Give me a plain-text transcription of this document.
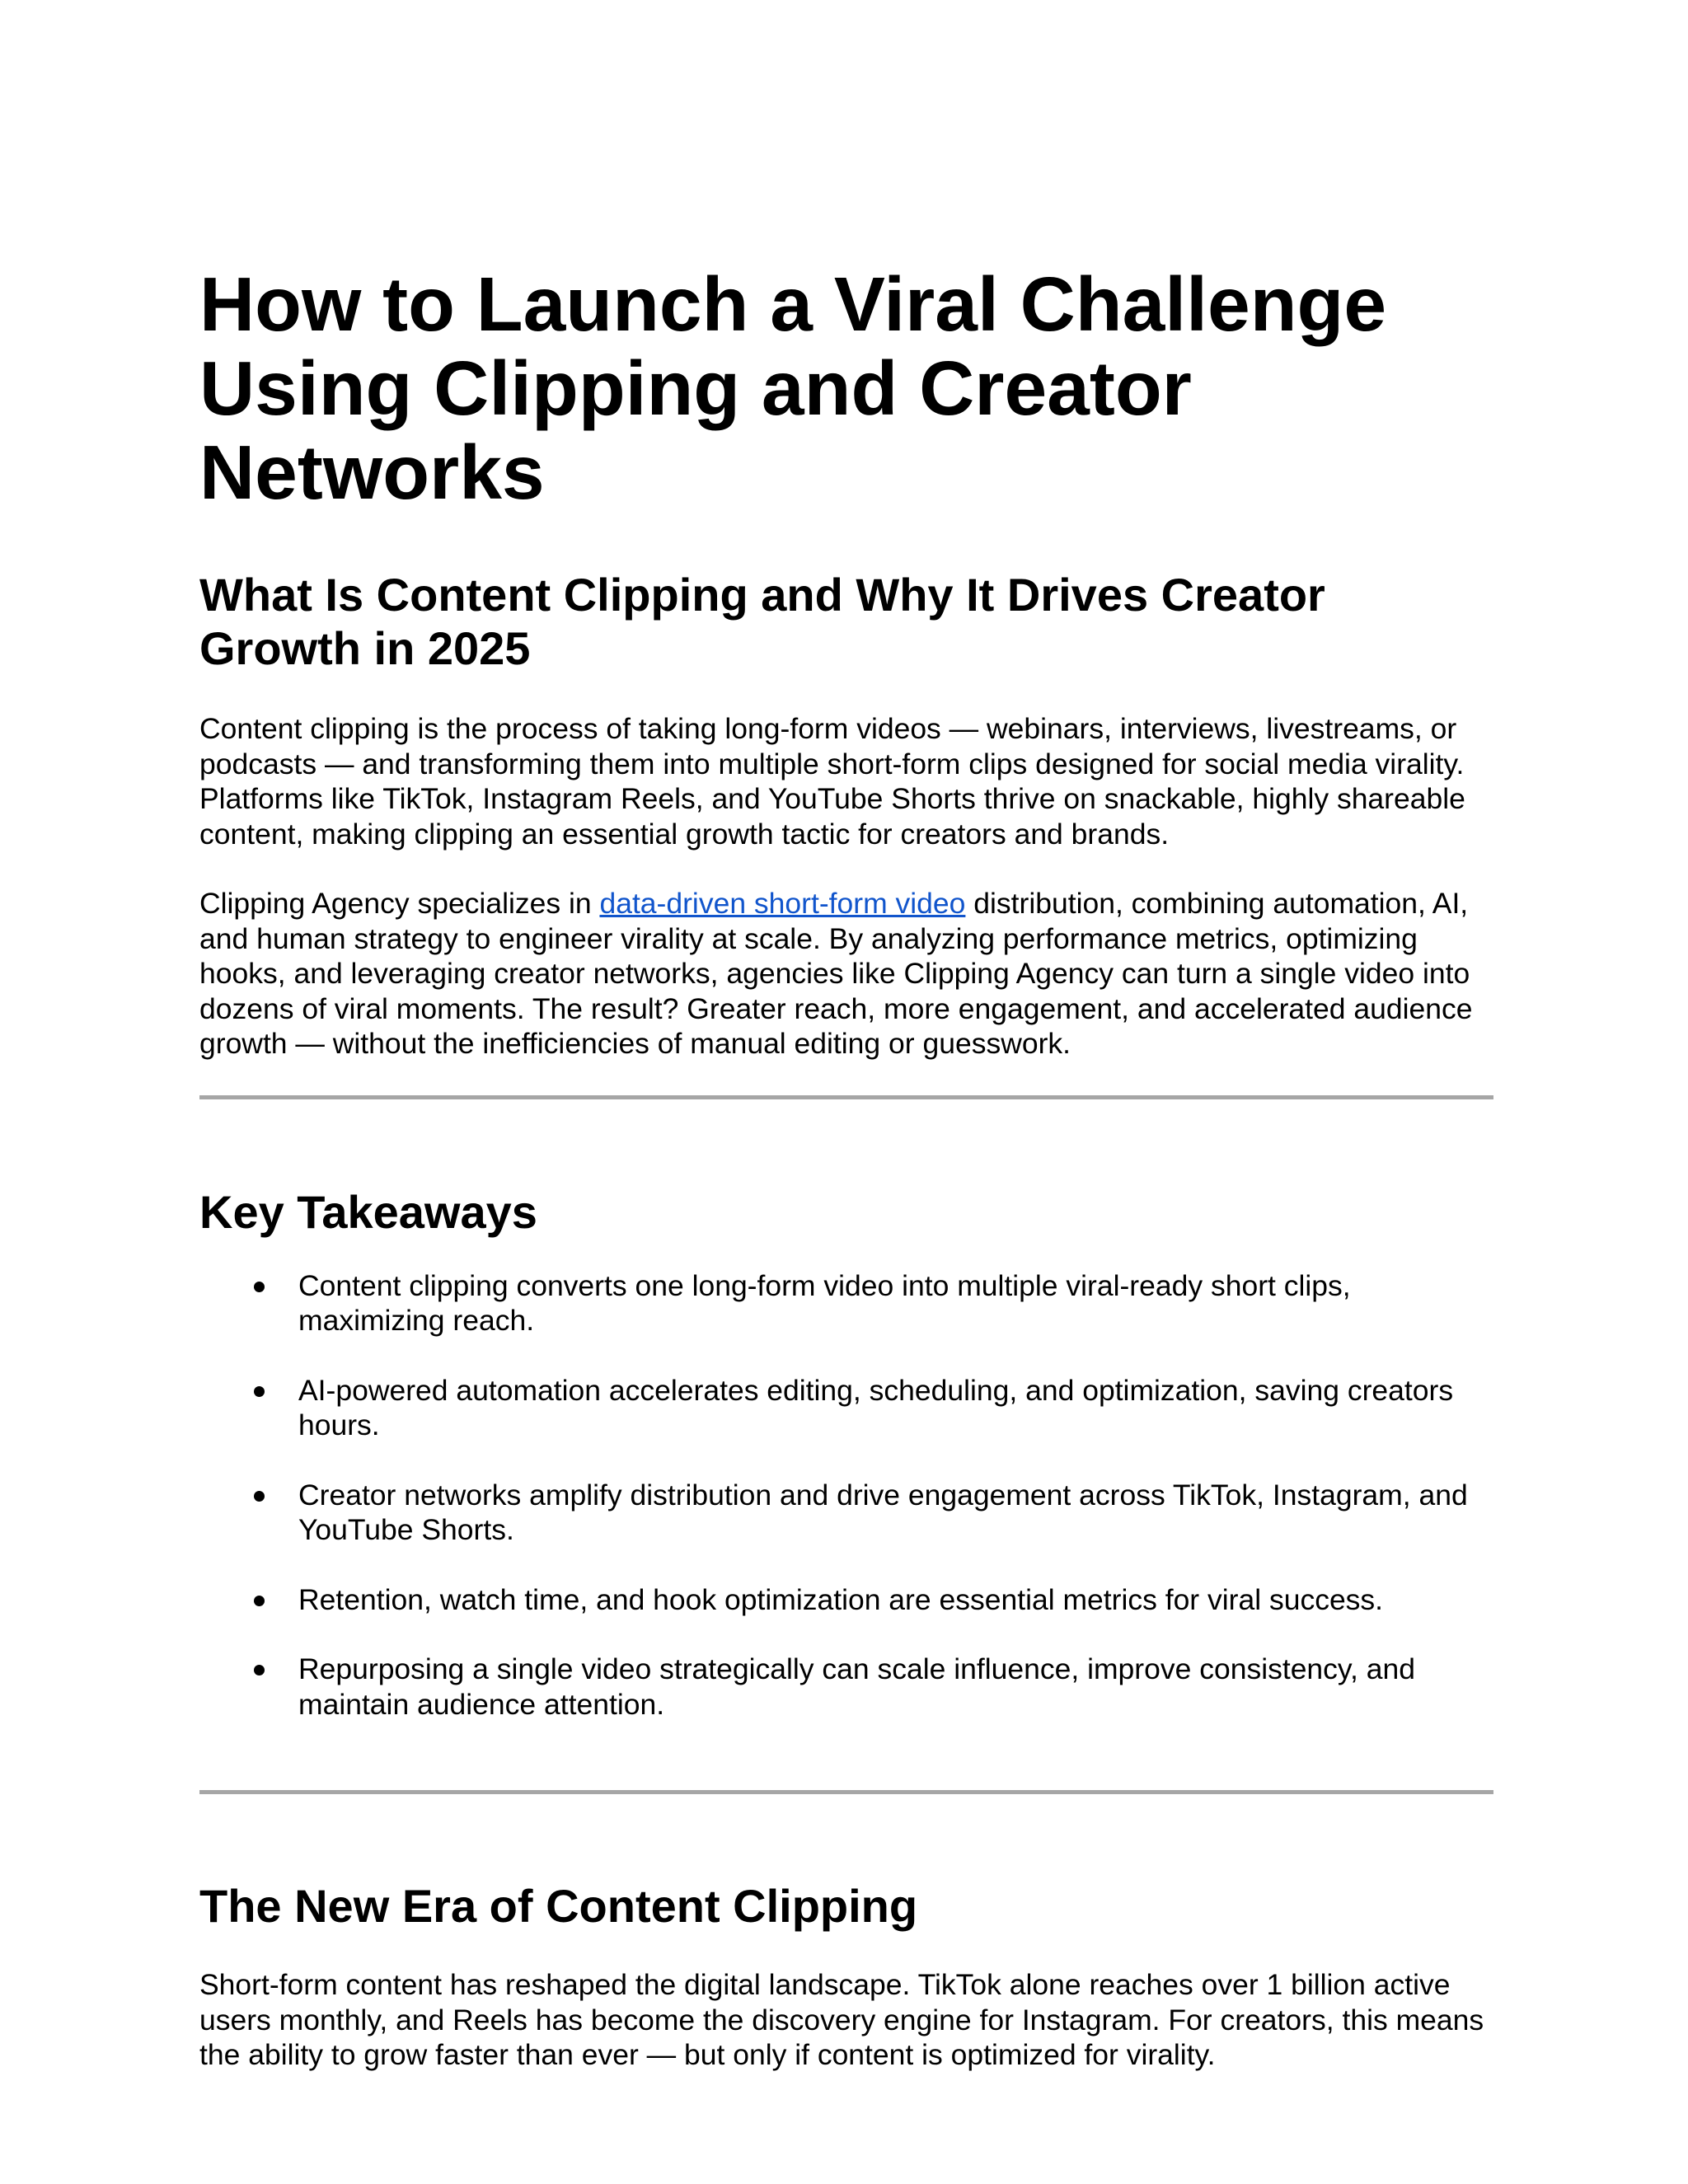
How to Launch a Viral Challenge Using Clipping and Creator Networks
What Is Content Clipping and Why It Drives Creator Growth in 2025

Content clipping is the process of taking long-form videos — webinars, interviews, livestreams, or podcasts — and transforming them into multiple short-form clips designed for social media virality. Platforms like TikTok, Instagram Reels, and YouTube Shorts thrive on snackable, highly shareable content, making clipping an essential growth tactic for creators and brands.

Clipping Agency specializes in data-driven short-form video distribution, combining automation, AI, and human strategy to engineer virality at scale. By analyzing performance metrics, optimizing hooks, and leveraging creator networks, agencies like Clipping Agency can turn a single video into dozens of viral moments. The result? Greater reach, more engagement, and accelerated audience growth — without the inefficiencies of manual editing or guesswork.

Key Takeaways
Content clipping converts one long-form video into multiple viral-ready short clips, maximizing reach.
AI-powered automation accelerates editing, scheduling, and optimization, saving creators hours.
Creator networks amplify distribution and drive engagement across TikTok, Instagram, and YouTube Shorts.
Retention, watch time, and hook optimization are essential metrics for viral success.
Repurposing a single video strategically can scale influence, improve consistency, and maintain audience attention.
The New Era of Content Clipping

Short-form content has reshaped the digital landscape. TikTok alone reaches over 1 billion active users monthly, and Reels has become the discovery engine for Instagram. For creators, this means the ability to grow faster than ever — but only if content is optimized for virality.
